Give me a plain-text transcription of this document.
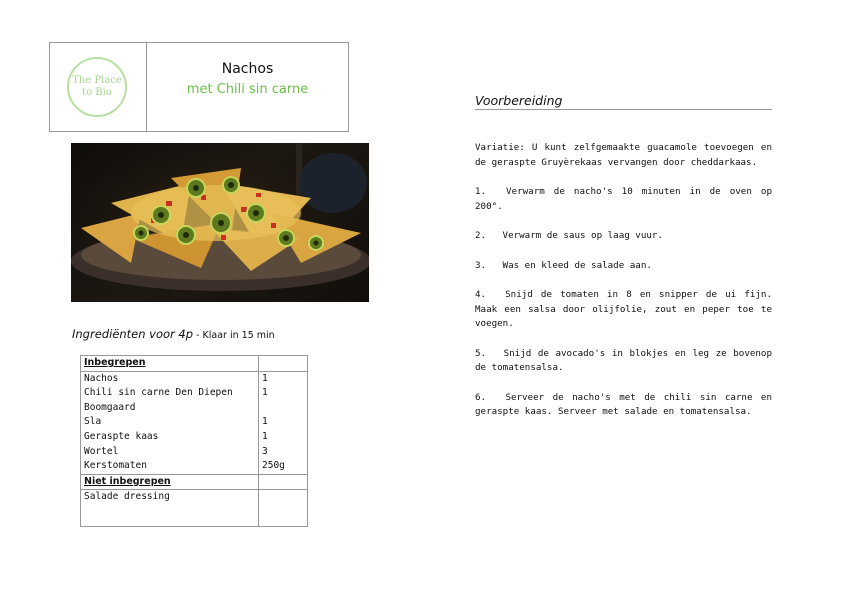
The Place
to Bio
Nachos
met Chili sin carne
Ingrediënten voor 4p - Klaar in 15 min
Inbegrepen	
Nachos	1
Chili sin carne Den Diepen Boomgaard	1
Sla	1
Geraspte kaas	1
Wortel	3
Kerstomaten	250g
Niet inbegrepen	
Salade dressing	
Voorbereiding

Variatie: U kunt zelfgemaakte guacamole toevoegen en de geraspte Gruyèrekaas vervangen door cheddarkaas.

1. Verwarm de nacho's 10 minuten in de oven op 200°.

2. Verwarm de saus op laag vuur.

3. Was en kleed de salade aan.

4. Snijd de tomaten in 8 en snipper de ui fijn. Maak een salsa door olijfolie, zout en peper toe te voegen.

5. Snijd de avocado's in blokjes en leg ze bovenop de tomatensalsa.

6. Serveer de nacho's met de chili sin carne en geraspte kaas. Serveer met salade en tomatensalsa.
